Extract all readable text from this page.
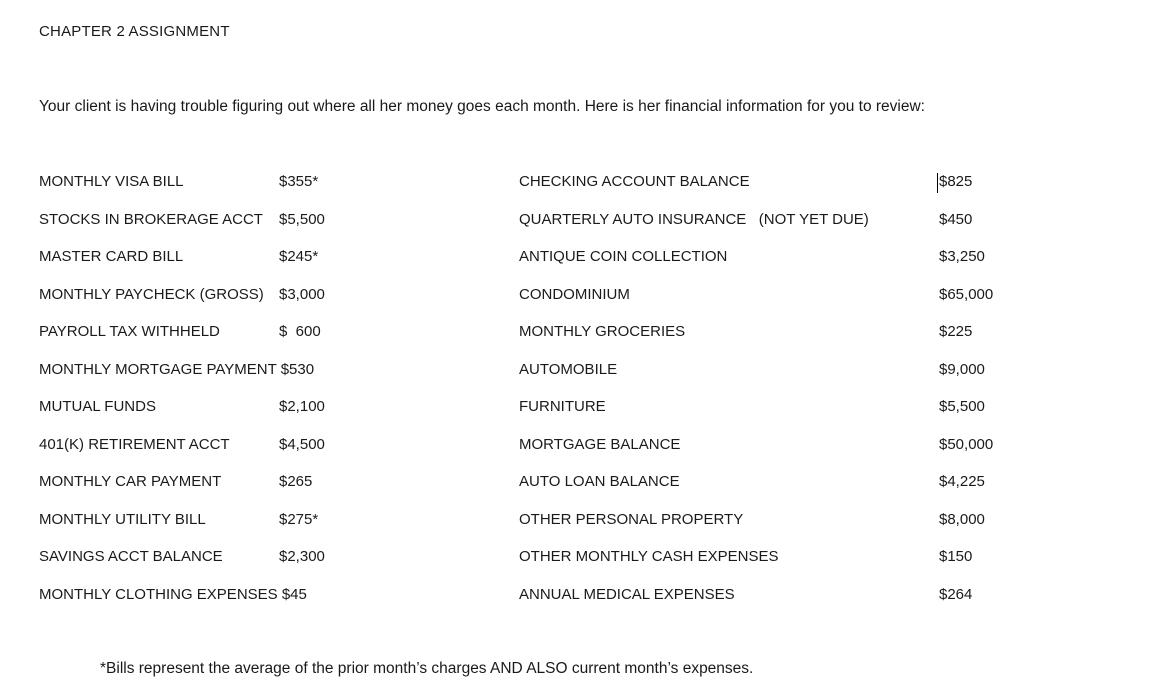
CHAPTER 2 ASSIGNMENT
Your client is having trouble figuring out where all her money goes each month. Here is her financial information for you to review:
MONTHLY VISA BILL	$355*	CHECKING ACCOUNT BALANCE	$825
STOCKS IN BROKERAGE ACCT $5,500	QUARTERLY AUTO INSURANCE   (NOT YET DUE)	$450
MASTER CARD BILL	$245*	ANTIQUE COIN COLLECTION	$3,250
MONTHLY PAYCHECK (GROSS) $3,000	CONDOMINIUM	$65,000
PAYROLL TAX WITHHELD	$  600	MONTHLY GROCERIES	$225
MONTHLY MORTGAGE PAYMENT $530	AUTOMOBILE	$9,000
MUTUAL FUNDS	$2,100	FURNITURE	$5,500
401(K) RETIREMENT ACCT	$4,500	MORTGAGE BALANCE	$50,000
MONTHLY CAR PAYMENT	$265	AUTO LOAN BALANCE	$4,225
MONTHLY UTILITY BILL	$275*	OTHER PERSONAL PROPERTY	$8,000
SAVINGS ACCT BALANCE	$2,300	OTHER MONTHLY CASH EXPENSES	$150
MONTHLY CLOTHING EXPENSES $45	ANNUAL MEDICAL EXPENSES	$264
*Bills represent the average of the prior month’s charges AND ALSO current month’s expenses.
